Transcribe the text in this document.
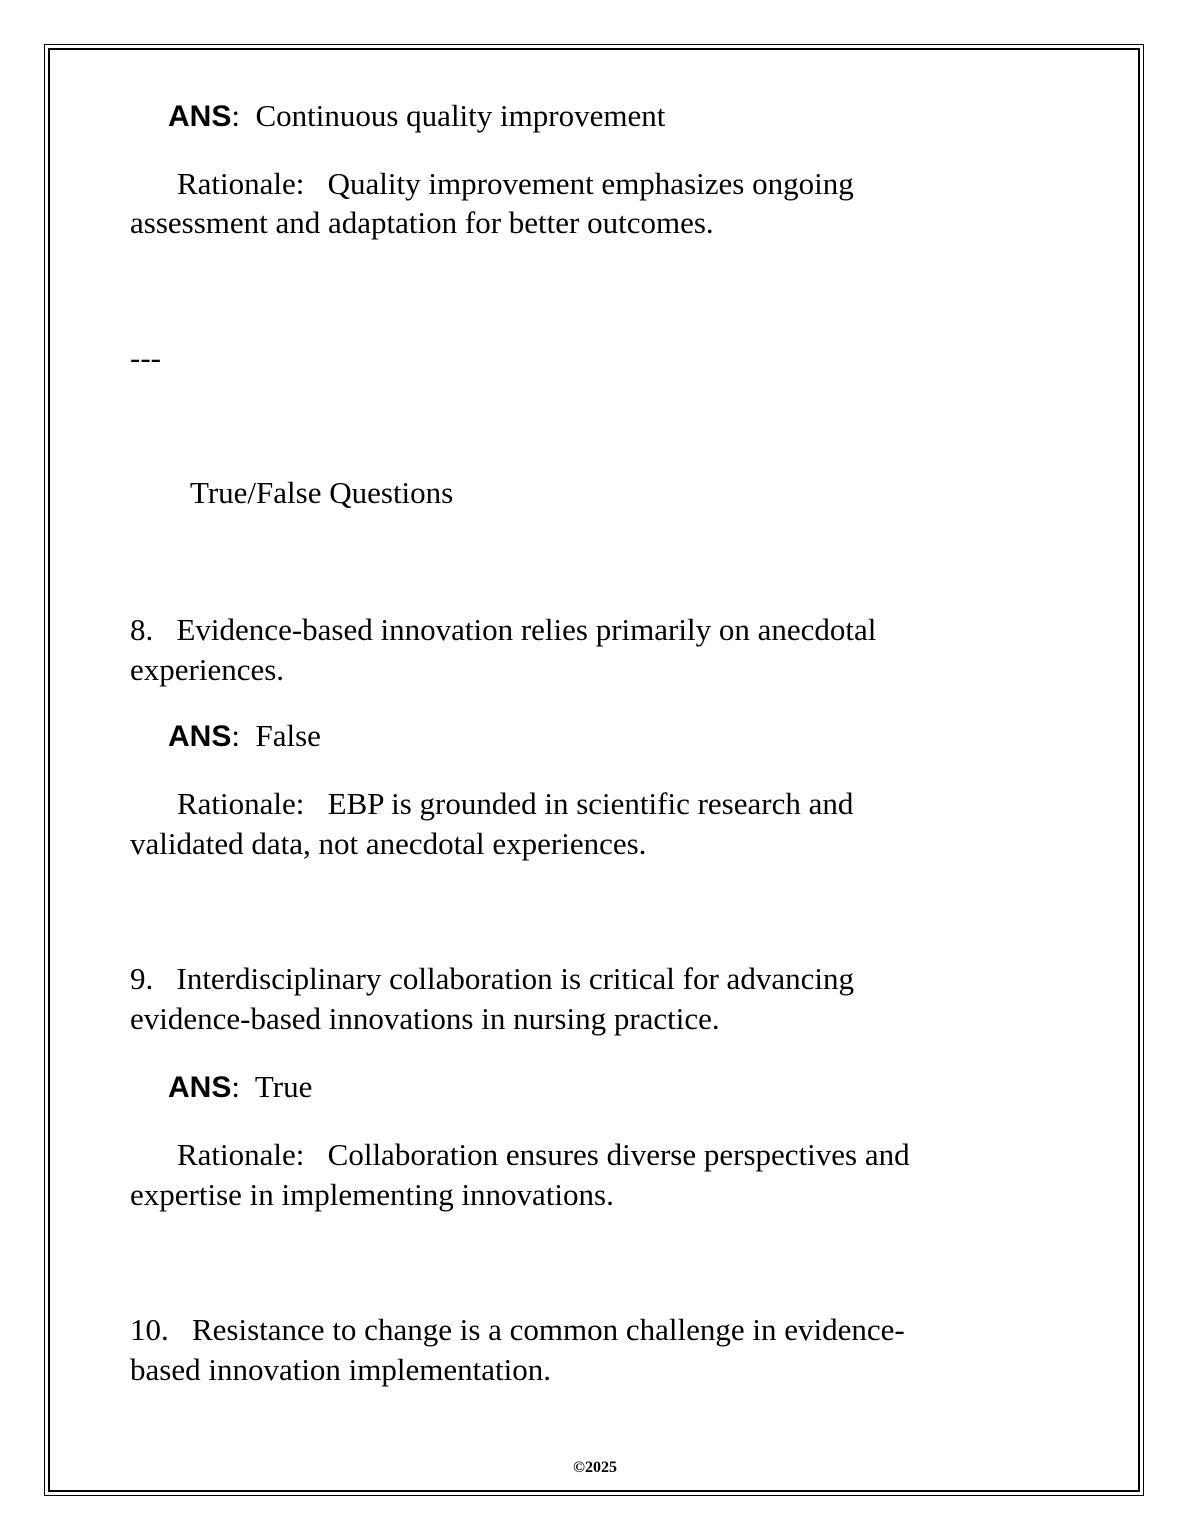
ANS:  Continuous quality improvement
Rationale: Quality improvement emphasizes ongoing
assessment and adaptation for better outcomes.
---
True/False Questions
8. Evidence-based innovation relies primarily on anecdotal
experiences.
ANS:  False
Rationale: EBP is grounded in scientific research and
validated data, not anecdotal experiences.
9. Interdisciplinary collaboration is critical for advancing
evidence-based innovations in nursing practice.
ANS:  True
Rationale: Collaboration ensures diverse perspectives and
expertise in implementing innovations.
10. Resistance to change is a common challenge in evidence-
based innovation implementation.
©2025
